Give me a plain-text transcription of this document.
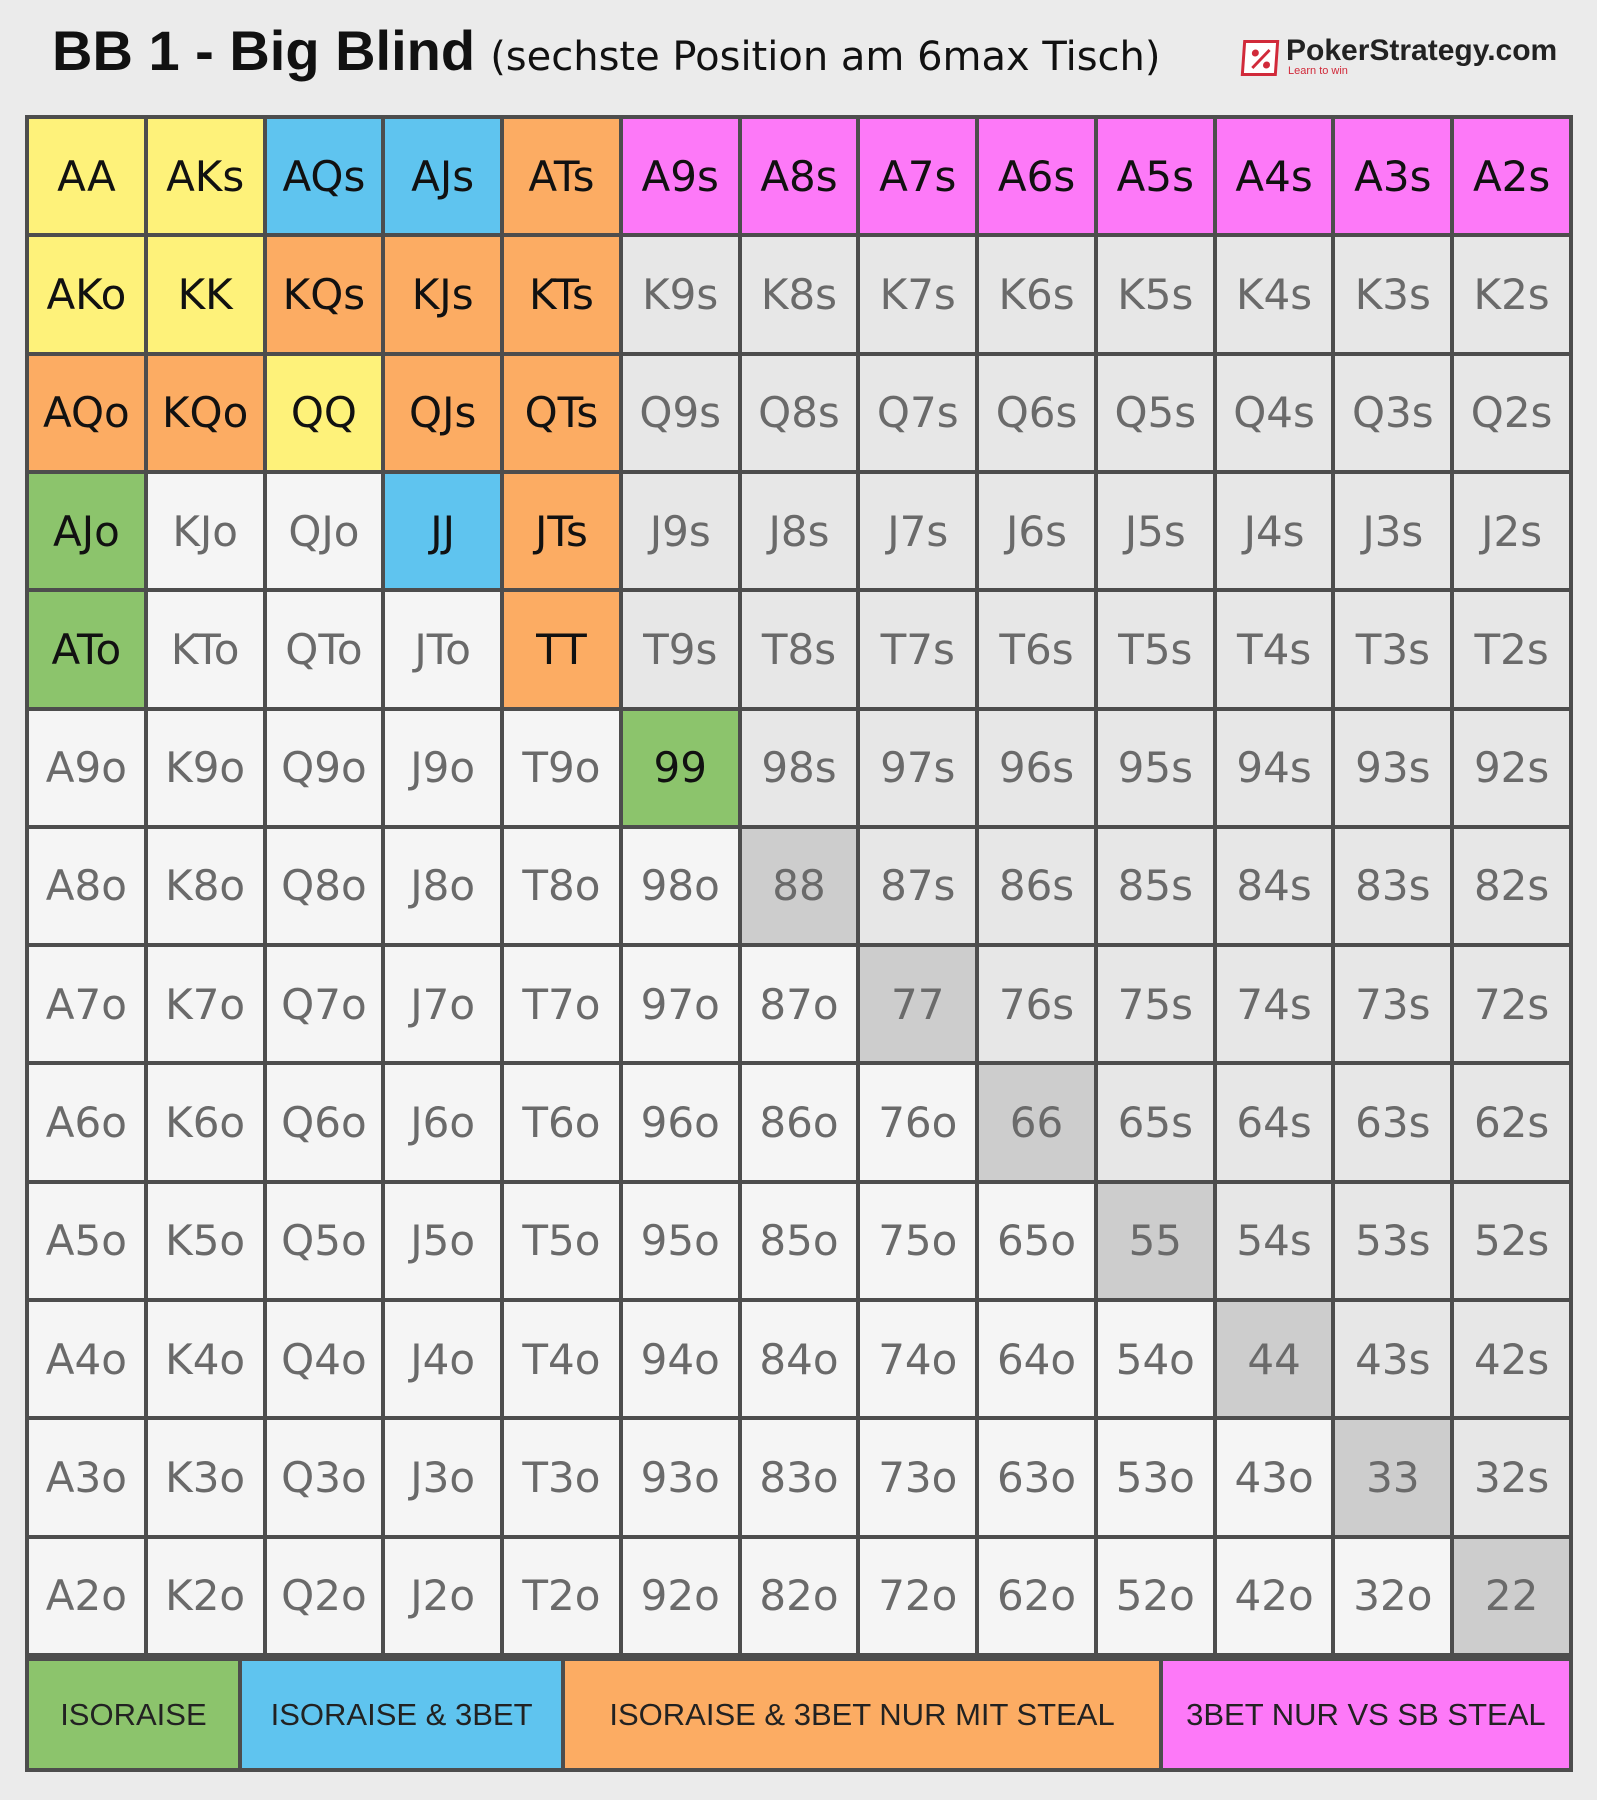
BB 1 - Big Blind (sechste Position am 6max Tisch)	PokerStrategy.com
Learn to win
AA	AKs AQs	AJs	ATs	A9s A8s A7s A6s A5s A4s A3s A2s
AKo	KK	KQs	KJs	KTs	K9s	K8s	K7s	K6s	K5s	K4s	K3s	K2s
AQo KQo	QQ	QJs	QTs Q9s Q8s Q7s Q6s Q5s Q4s Q3s Q2s
AJo	KJo	QJo	JJ	JTs	J9s	J8s	J7s	J6s	J5s	J4s	J3s	J2s
ATo	KTo	QTo	JTo	TT	T9s	T8s	T7s	T6s	T5s	T4s	T3s	T2s
A9o K9o Q9o	J9o	T9o	99	98s	97s	96s	95s	94s	93s	92s
A8o K8o Q8o	J8o	T8o 98o	88	87s	86s	85s	84s	83s	82s
A7o K7o Q7o	J7o	T7o 97o 87o	77	76s	75s	74s	73s	72s
A6o K6o Q6o	J6o	T6o 96o 86o 76o	66	65s	64s	63s	62s
A5o K5o Q5o	J5o	T5o 95o 85o 75o 65o	55	54s	53s	52s
A4o K4o Q4o	J4o	T4o 94o 84o 74o 64o 54o	44	43s	42s
A3o K3o Q3o	J3o	T3o 93o 83o 73o 63o 53o 43o	33	32s
A2o K2o Q2o	J2o	T2o 92o 82o 72o 62o 52o 42o 32o	22
ISORAISE	ISORAISE & 3BET	ISORAISE & 3BET NUR MIT STEAL	3BET NUR VS SB STEAL
